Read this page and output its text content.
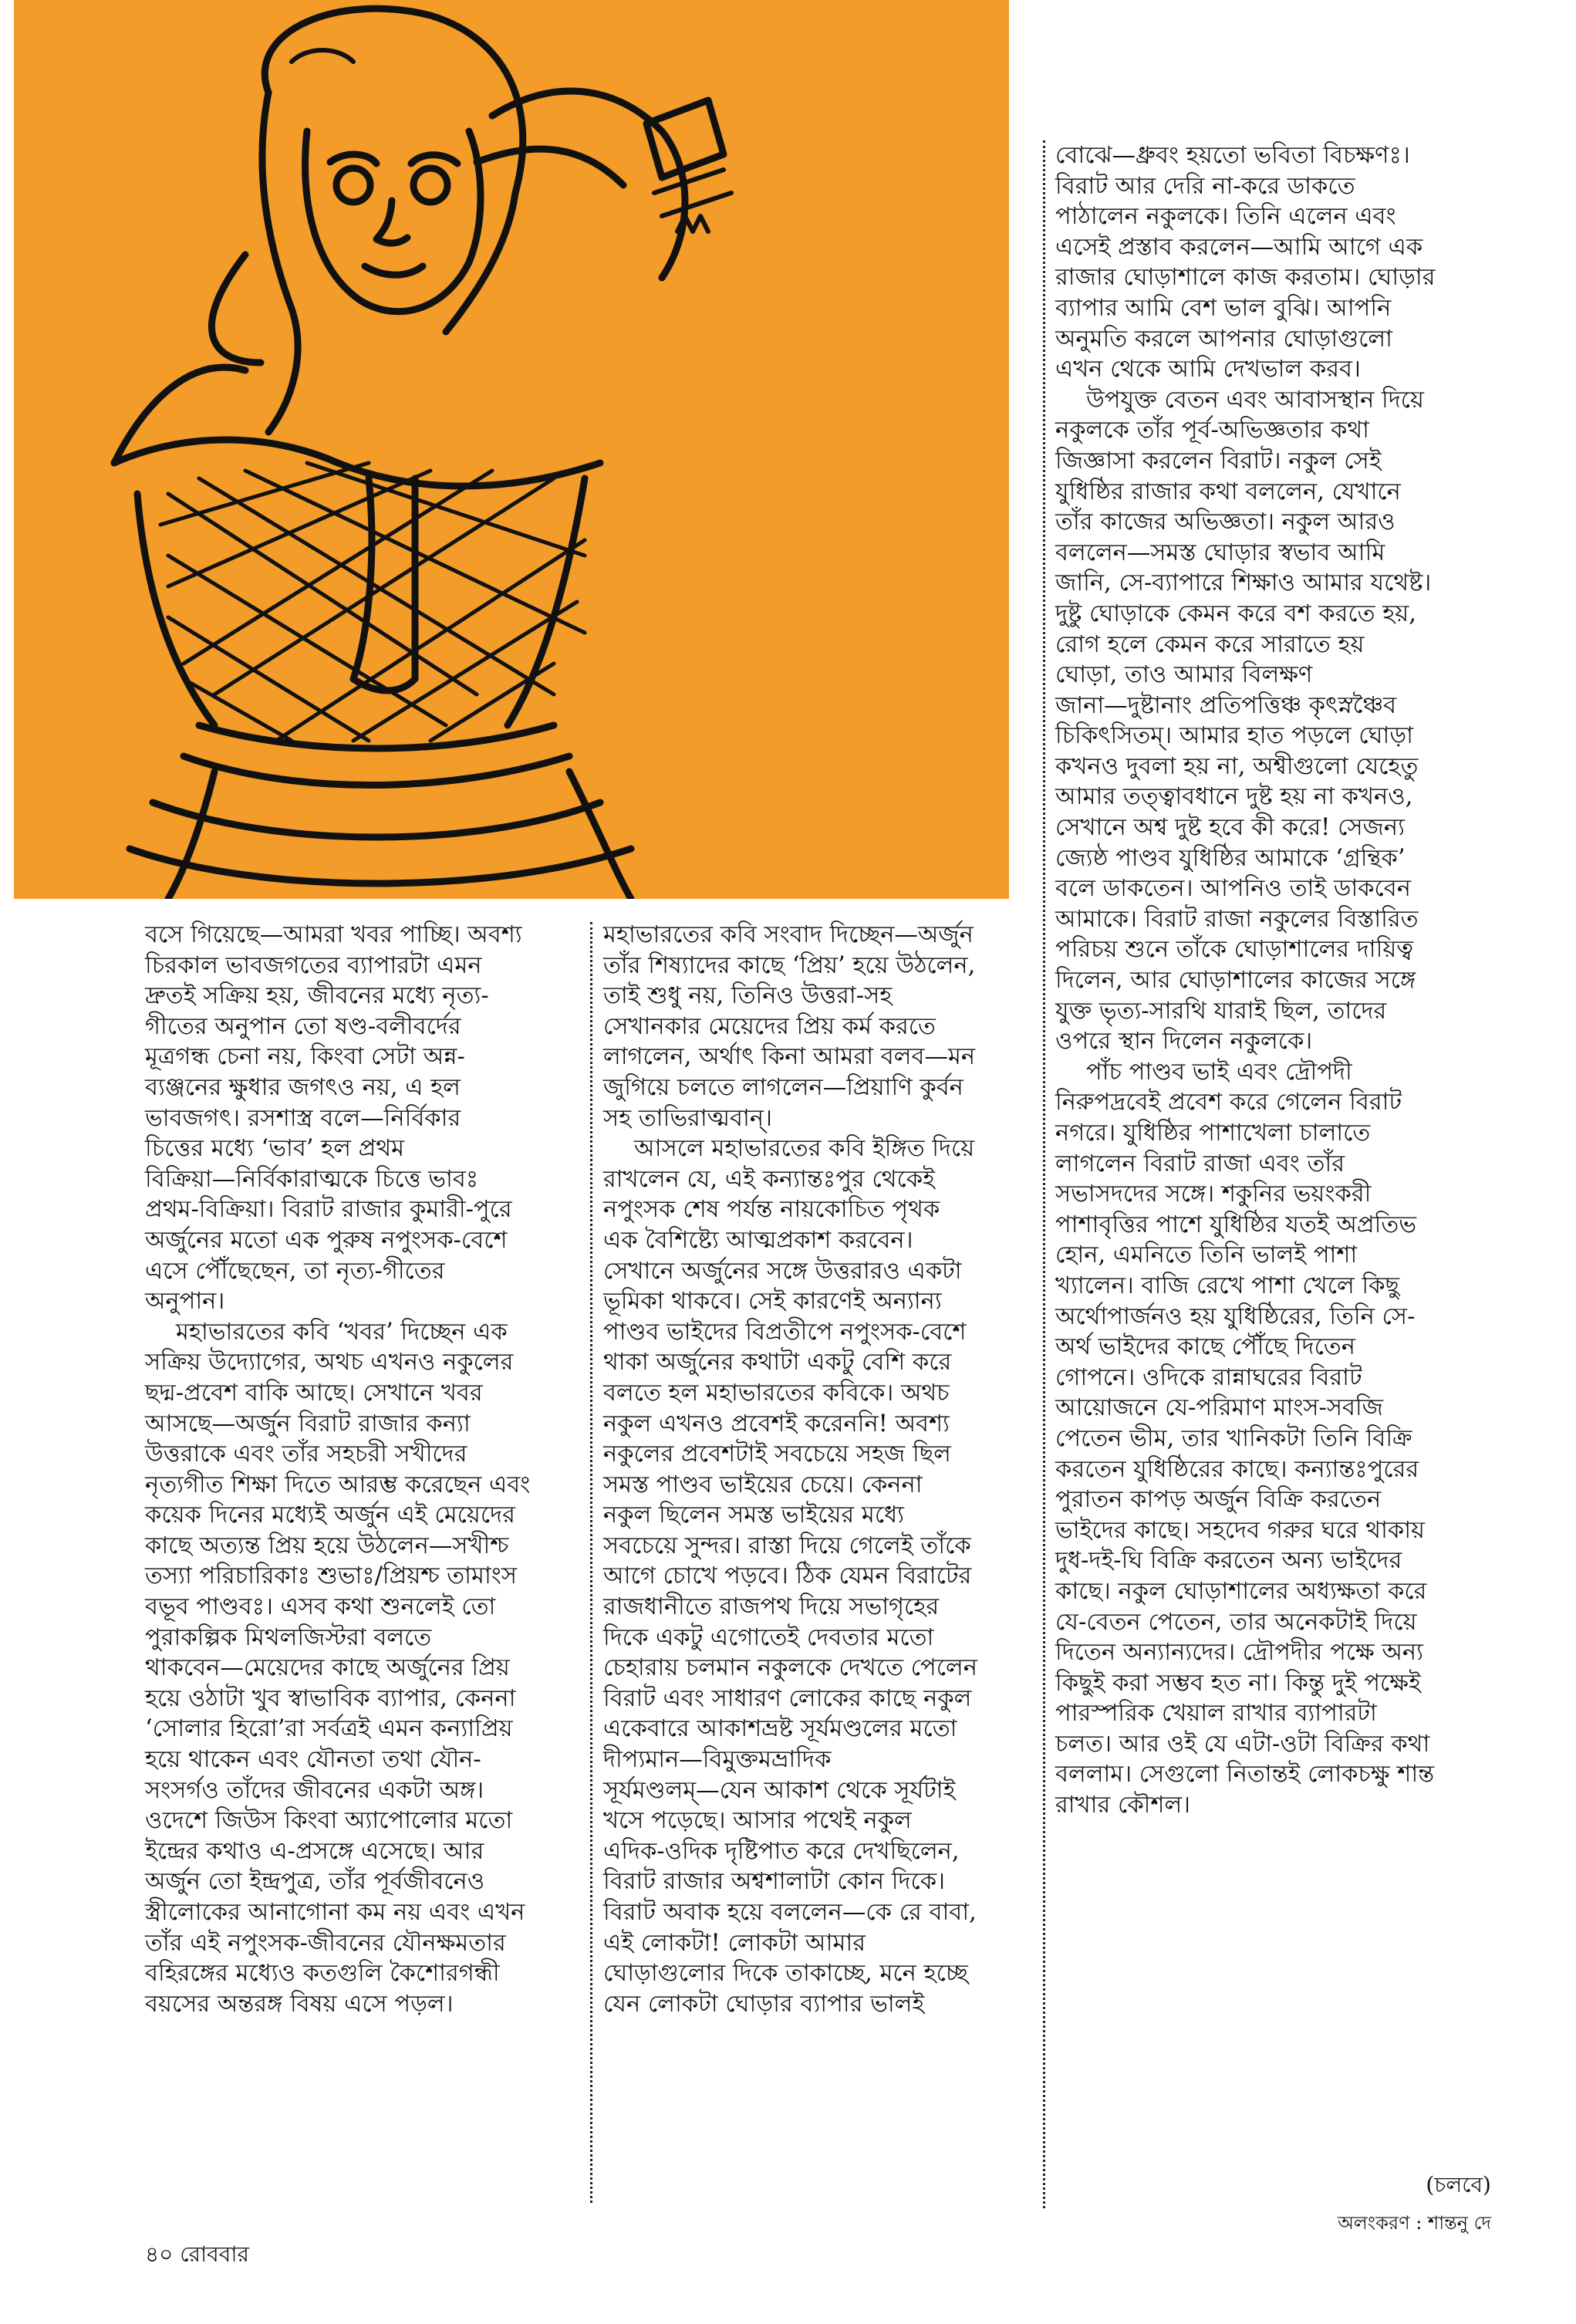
বসে গিয়েছে—আমরা খবর পাচ্ছি। অবশ্য
চিরকাল ভাবজগতের ব্যাপারটা এমন
দ্রুতই সক্রিয় হয়, জীবনের মধ্যে নৃত্য-
গীতের অনুপান তো ষণ্ড-বলীবর্দের
মূত্রগন্ধ চেনা নয়, কিংবা সেটা অন্ন-
ব্যঞ্জনের ক্ষুধার জগৎও নয়, এ হল
ভাবজগৎ। রসশাস্ত্র বলে—নির্বিকার
চিত্তের মধ্যে ‘ভাব’ হল প্রথম
বিক্রিয়া—নির্বিকারাত্মকে চিত্তে ভাবঃ
প্রথম-বিক্রিয়া। বিরাট রাজার কুমারী-পুরে
অর্জুনের মতো এক পুরুষ নপুংসক-বেশে
এসে পৌঁছেছেন, তা নৃত্য-গীতের
অনুপান।

মহাভারতের কবি ‘খবর’ দিচ্ছেন এক
সক্রিয় উদ্যোগের, অথচ এখনও নকুলের
ছদ্ম-প্রবেশ বাকি আছে। সেখানে খবর
আসছে—অর্জুন বিরাট রাজার কন্যা
উত্তরাকে এবং তাঁর সহচরী সখীদের
নৃত্যগীত শিক্ষা দিতে আরম্ভ করেছেন এবং
কয়েক দিনের মধ্যেই অর্জুন এই মেয়েদের
কাছে অত্যন্ত প্রিয় হয়ে উঠলেন—সখীশ্চ
তস্যা পরিচারিকাঃ শুভাঃ/প্রিয়শ্চ তামাংস
বভূব পাণ্ডবঃ। এসব কথা শুনলেই তো
পুরাকল্পিক মিথলজিস্টরা বলতে
থাকবেন—মেয়েদের কাছে অর্জুনের প্রিয়
হয়ে ওঠাটা খুব স্বাভাবিক ব্যাপার, কেননা
‘সোলার হিরো’রা সর্বত্রই এমন কন্যাপ্রিয়
হয়ে থাকেন এবং যৌনতা তথা যৌন-
সংসর্গও তাঁদের জীবনের একটা অঙ্গ।
ওদেশে জিউস কিংবা অ্যাপোলোর মতো
ইন্দ্রের কথাও এ-প্রসঙ্গে এসেছে। আর
অর্জুন তো ইন্দ্রপুত্র, তাঁর পূর্বজীবনেও
স্ত্রীলোকের আনাগোনা কম নয় এবং এখন
তাঁর এই নপুংসক-জীবনের যৌনক্ষমতার
বহিরঙ্গের মধ্যেও কতগুলি কৈশোরগন্ধী
বয়সের অন্তরঙ্গ বিষয় এসে পড়ল।

মহাভারতের কবি সংবাদ দিচ্ছেন—অর্জুন
তাঁর শিষ্যাদের কাছে ‘প্রিয়’ হয়ে উঠলেন,
তাই শুধু নয়, তিনিও উত্তরা-সহ
সেখানকার মেয়েদের প্রিয় কর্ম করতে
লাগলেন, অর্থাৎ কিনা আমরা বলব—মন
জুগিয়ে চলতে লাগলেন—প্রিয়াণি কুর্বন
সহ তাভিরাত্মবান্।

আসলে মহাভারতের কবি ইঙ্গিত দিয়ে
রাখলেন যে, এই কন্যান্তঃপুর থেকেই
নপুংসক শেষ পর্যন্ত নায়কোচিত পৃথক
এক বৈশিষ্ট্যে আত্মপ্রকাশ করবেন।
সেখানে অর্জুনের সঙ্গে উত্তরারও একটা
ভূমিকা থাকবে। সেই কারণেই অন্যান্য
পাণ্ডব ভাইদের বিপ্রতীপে নপুংসক-বেশে
থাকা অর্জুনের কথাটা একটু বেশি করে
বলতে হল মহাভারতের কবিকে। অথচ
নকুল এখনও প্রবেশই করেননি! অবশ্য
নকুলের প্রবেশটাই সবচেয়ে সহজ ছিল
সমস্ত পাণ্ডব ভাইয়ের চেয়ে। কেননা
নকুল ছিলেন সমস্ত ভাইয়ের মধ্যে
সবচেয়ে সুন্দর। রাস্তা দিয়ে গেলেই তাঁকে
আগে চোখে পড়বে। ঠিক যেমন বিরাটের
রাজধানীতে রাজপথ দিয়ে সভাগৃহের
দিকে একটু এগোতেই দেবতার মতো
চেহারায় চলমান নকুলকে দেখতে পেলেন
বিরাট এবং সাধারণ লোকের কাছে নকুল
একেবারে আকাশভ্রষ্ট সূর্যমণ্ডলের মতো
দীপ্যমান—বিমুক্তমভ্রাদিক
সূর্যমণ্ডলম্—যেন আকাশ থেকে সূর্যটাই
খসে পড়েছে। আসার পথেই নকুল
এদিক-ওদিক দৃষ্টিপাত করে দেখছিলেন,
বিরাট রাজার অশ্বশালাটা কোন দিকে।
বিরাট অবাক হয়ে বললেন—কে রে বাবা,
এই লোকটা! লোকটা আমার
ঘোড়াগুলোর দিকে তাকাচ্ছে, মনে হচ্ছে
যেন লোকটা ঘোড়ার ব্যাপার ভালই

বোঝে—ধ্রুবং হয়তো ভবিতা বিচক্ষণঃ।
বিরাট আর দেরি না-করে ডাকতে
পাঠালেন নকুলকে। তিনি এলেন এবং
এসেই প্রস্তাব করলেন—আমি আগে এক
রাজার ঘোড়াশালে কাজ করতাম। ঘোড়ার
ব্যাপার আমি বেশ ভাল বুঝি। আপনি
অনুমতি করলে আপনার ঘোড়াগুলো
এখন থেকে আমি দেখভাল করব।

উপযুক্ত বেতন এবং আবাসস্থান দিয়ে
নকুলকে তাঁর পূর্ব-অভিজ্ঞতার কথা
জিজ্ঞাসা করলেন বিরাট। নকুল সেই
যুধিষ্ঠির রাজার কথা বললেন, যেখানে
তাঁর কাজের অভিজ্ঞতা। নকুল আরও
বললেন—সমস্ত ঘোড়ার স্বভাব আমি
জানি, সে-ব্যাপারে শিক্ষাও আমার যথেষ্ট।
দুষ্টু ঘোড়াকে কেমন করে বশ করতে হয়,
রোগ হলে কেমন করে সারাতে হয়
ঘোড়া, তাও আমার বিলক্ষণ
জানা—দুষ্টানাং প্রতিপত্তিঞ্চ কৃৎস্নঞ্চৈব
চিকিৎসিতম্। আমার হাত পড়লে ঘোড়া
কখনও দুবলা হয় না, অশ্বীগুলো যেহেতু
আমার তত্ত্বাবধানে দুষ্ট হয় না কখনও,
সেখানে অশ্ব দুষ্ট হবে কী করে! সেজন্য
জ্যেষ্ঠ পাণ্ডব যুধিষ্ঠির আমাকে ‘গ্রন্থিক’
বলে ডাকতেন। আপনিও তাই ডাকবেন
আমাকে। বিরাট রাজা নকুলের বিস্তারিত
পরিচয় শুনে তাঁকে ঘোড়াশালের দায়িত্ব
দিলেন, আর ঘোড়াশালের কাজের সঙ্গে
যুক্ত ভৃত্য-সারথি যারাই ছিল, তাদের
ওপরে স্থান দিলেন নকুলকে।

পাঁচ পাণ্ডব ভাই এবং দ্রৌপদী
নিরুপদ্রবেই প্রবেশ করে গেলেন বিরাট
নগরে। যুধিষ্ঠির পাশাখেলা চালাতে
লাগলেন বিরাট রাজা এবং তাঁর
সভাসদদের সঙ্গে। শকুনির ভয়ংকরী
পাশাবৃত্তির পাশে যুধিষ্ঠির যতই অপ্রতিভ
হোন, এমনিতে তিনি ভালই পাশা
খ্যালেন। বাজি রেখে পাশা খেলে কিছু
অর্থোপার্জনও হয় যুধিষ্ঠিরের, তিনি সে-
অর্থ ভাইদের কাছে পৌঁছে দিতেন
গোপনে। ওদিকে রান্নাঘরের বিরাট
আয়োজনে যে-পরিমাণ মাংস-সবজি
পেতেন ভীম, তার খানিকটা তিনি বিক্রি
করতেন যুধিষ্ঠিরের কাছে। কন্যান্তঃপুরের
পুরাতন কাপড় অর্জুন বিক্রি করতেন
ভাইদের কাছে। সহদেব গরুর ঘরে থাকায়
দুধ-দই-ঘি বিক্রি করতেন অন্য ভাইদের
কাছে। নকুল ঘোড়াশালের অধ্যক্ষতা করে
যে-বেতন পেতেন, তার অনেকটাই দিয়ে
দিতেন অন্যান্যদের। দ্রৌপদীর পক্ষে অন্য
কিছুই করা সম্ভব হত না। কিন্তু দুই পক্ষেই
পারস্পরিক খেয়াল রাখার ব্যাপারটা
চলত। আর ওই যে এটা-ওটা বিক্রির কথা
বললাম। সেগুলো নিতান্তই লোকচক্ষু শান্ত
রাখার কৌশল।

(চলবে)
অলংকরণ : শান্তনু দে
৪০ রোববার
